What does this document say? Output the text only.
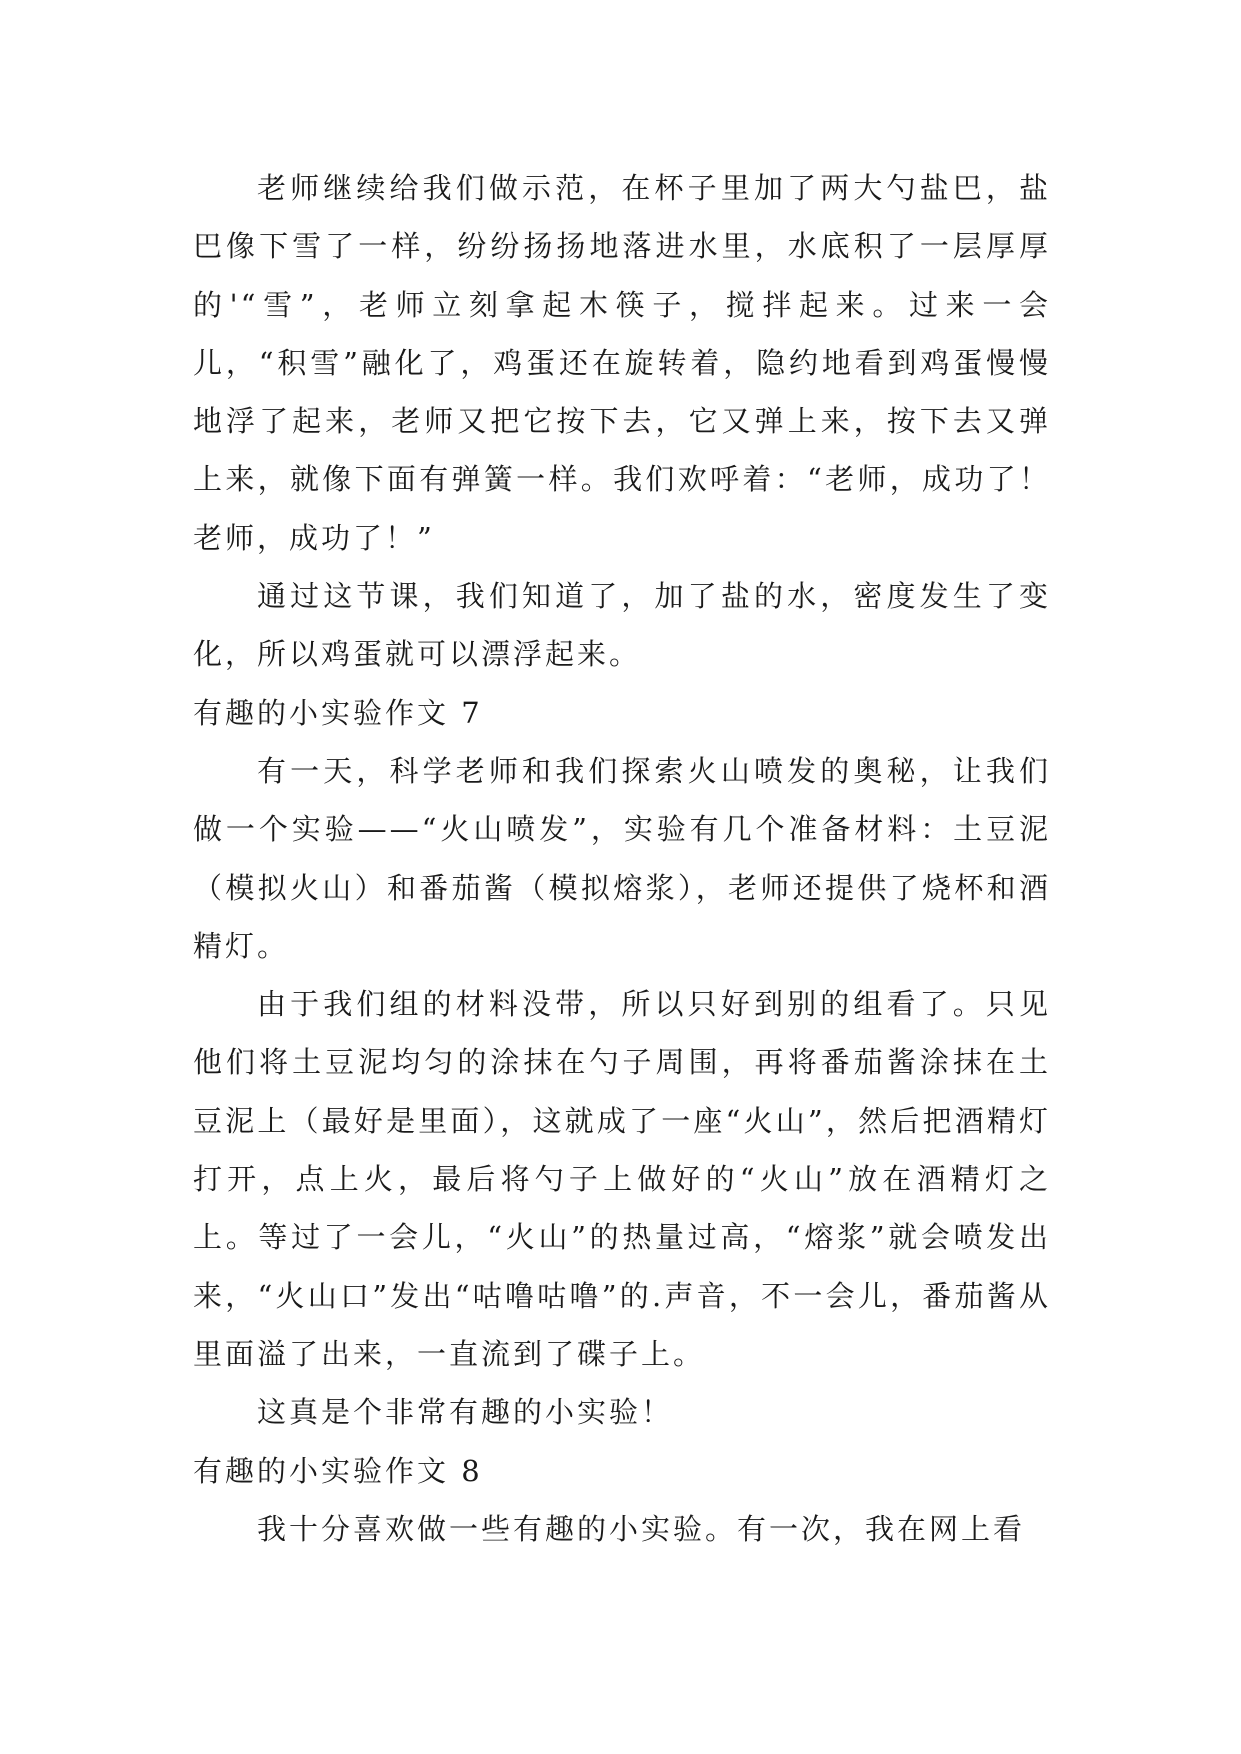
老师继续给我们做示范，在杯子里加了两大勺盐巴，盐巴像下雪了一样，纷纷扬扬地落进水里，水底积了一层厚厚的'“雪”，老师立刻拿起木筷子，搅拌起来。过来一会儿，“积雪”融化了，鸡蛋还在旋转着，隐约地看到鸡蛋慢慢地浮了起来，老师又把它按下去，它又弹上来，按下去又弹上来，就像下面有弹簧一样。我们欢呼着：“老师，成功了！老师，成功了！”

通过这节课，我们知道了，加了盐的水，密度发生了变化，所以鸡蛋就可以漂浮起来。

有趣的小实验作文 7

有一天，科学老师和我们探索火山喷发的奥秘，让我们做一个实验——“火山喷发”，实验有几个准备材料：土豆泥（模拟火山）和番茄酱（模拟熔浆），老师还提供了烧杯和酒精灯。

由于我们组的材料没带，所以只好到别的组看了。只见他们将土豆泥均匀的涂抹在勺子周围，再将番茄酱涂抹在土豆泥上（最好是里面），这就成了一座“火山”，然后把酒精灯打开，点上火，最后将勺子上做好的“火山”放在酒精灯之上。等过了一会儿，“火山”的热量过高，“熔浆”就会喷发出来，“火山口”发出“咕噜咕噜”的.声音，不一会儿，番茄酱从里面溢了出来，一直流到了碟子上。

这真是个非常有趣的小实验！

有趣的小实验作文 8

我十分喜欢做一些有趣的小实验。有一次，我在网上看
